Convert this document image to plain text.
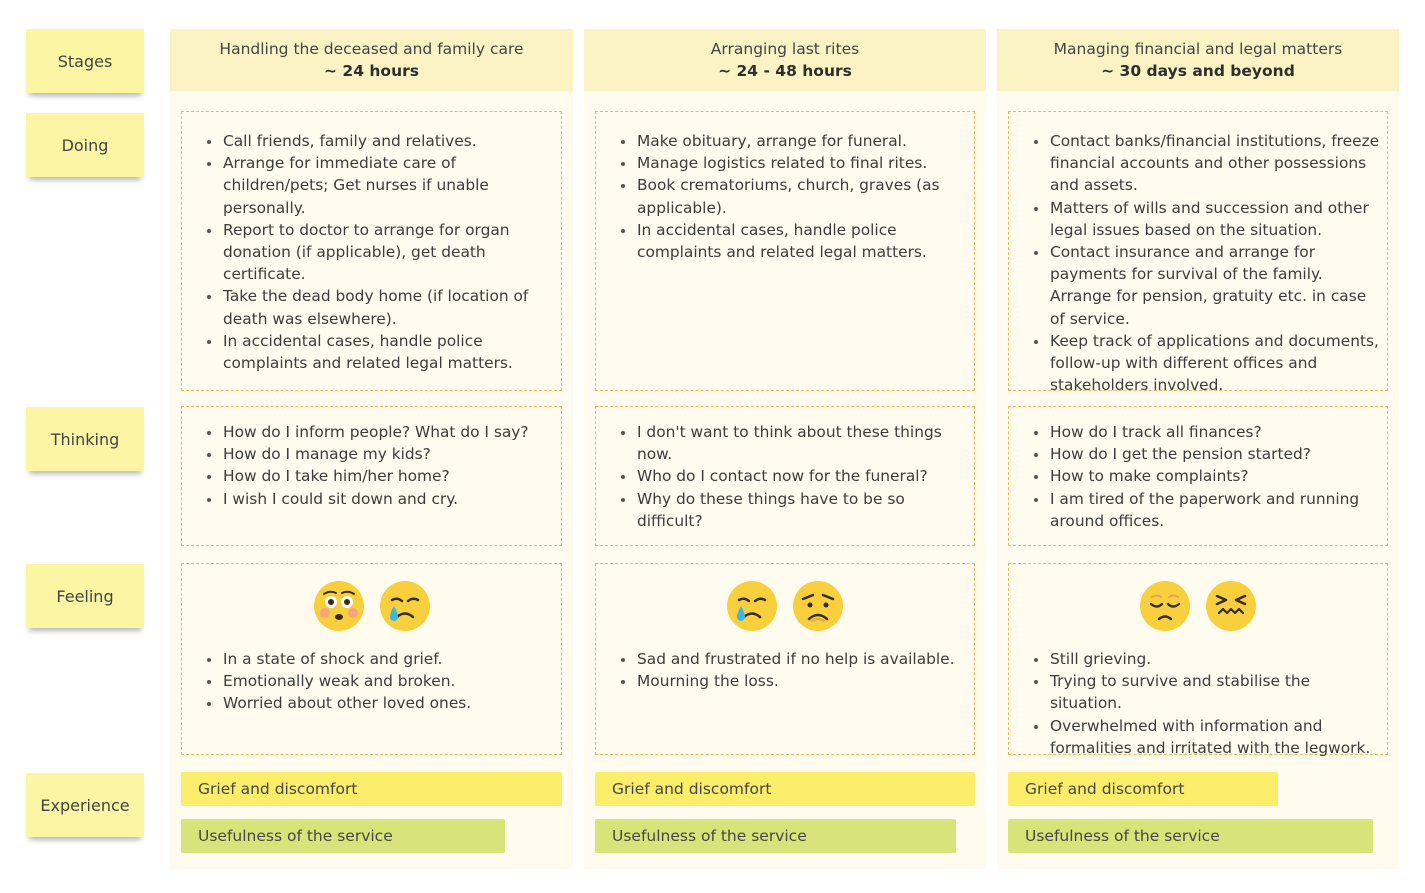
Stages
Doing
Thinking
Feeling
Experience
Handling the deceased and family care
~ 24 hours
Call friends, family and relatives.
Arrange for immediate care of children/pets; Get nurses if unable personally.
Report to doctor to arrange for organ donation (if applicable), get death certificate.
Take the dead body home (if location of death was elsewhere).
In accidental cases, handle police complaints and related legal matters.
How do I inform people? What do I say?
How do I manage my kids?
How do I take him/her home?
I wish I could sit down and cry.
In a state of shock and grief.
Emotionally weak and broken.
Worried about other loved ones.
Grief and discomfort
Usefulness of the service
Arranging last rites
~ 24 - 48 hours
Make obituary, arrange for funeral.
Manage logistics related to final rites.
Book crematoriums, church, graves (as applicable).
In accidental cases, handle police complaints and related legal matters.
I don't want to think about these things now.
Who do I contact now for the funeral?
Why do these things have to be so difficult?
Sad and frustrated if no help is available.
Mourning the loss.
Grief and discomfort
Usefulness of the service
Managing financial and legal matters
~ 30 days and beyond
Contact banks/financial institutions, freeze financial accounts and other possessions and assets.
Matters of wills and succession and other legal issues based on the situation.
Contact insurance and arrange for payments for survival of the family. Arrange for pension, gratuity etc. in case of service.
Keep track of applications and documents, follow-up with different offices and stakeholders involved.
How do I track all finances?
How do I get the pension started?
How to make complaints?
I am tired of the paperwork and running around offices.
Still grieving.
Trying to survive and stabilise the situation.
Overwhelmed with information and formalities and irritated with the legwork.
Grief and discomfort
Usefulness of the service
